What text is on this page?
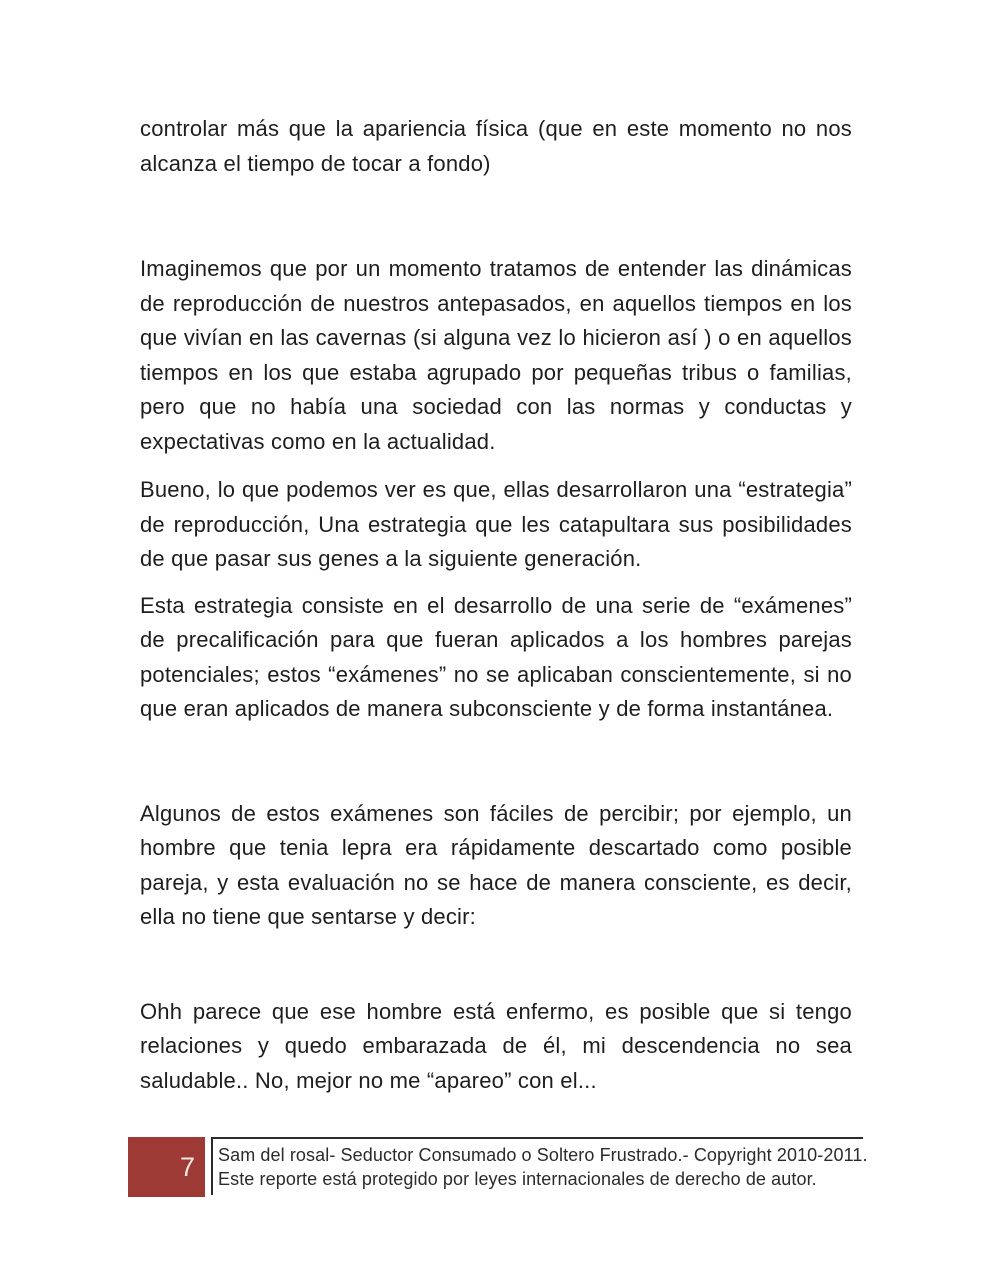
controlar más que la apariencia física (que en este momento no nos alcanza el tiempo de tocar a fondo)

Imaginemos que por un momento tratamos de entender las dinámicas de reproducción de nuestros antepasados, en aquellos tiempos en los que vivían en las cavernas (si alguna vez lo hicieron así ) o en aquellos tiempos en los que estaba agrupado por pequeñas tribus o familias, pero que no había una sociedad con las normas y conductas y expectativas como en la actualidad.

Bueno, lo que podemos ver es que, ellas desarrollaron una “estrategia” de reproducción, Una estrategia que les catapultara sus posibilidades de que pasar sus genes a la siguiente generación.

Esta estrategia consiste en el desarrollo de una serie de “exámenes” de precalificación para que fueran aplicados a los hombres parejas potenciales; estos “exámenes” no se aplicaban conscientemente, si no que eran aplicados de manera subconsciente y de forma instantánea.

Algunos de estos exámenes son fáciles de percibir; por ejemplo, un hombre que tenia lepra era rápidamente descartado como posible pareja, y esta evaluación no se hace de manera consciente, es decir, ella no tiene que sentarse y decir:

Ohh parece que ese hombre está enfermo, es posible que si tengo relaciones y quedo embarazada de él, mi descendencia no sea saludable.. No, mejor no me “apareo” con el...

7 Sam del rosal- Seductor Consumado o Soltero Frustrado.- Copyright 2010-2011.
Este reporte está protegido por leyes internacionales de derecho de autor.
